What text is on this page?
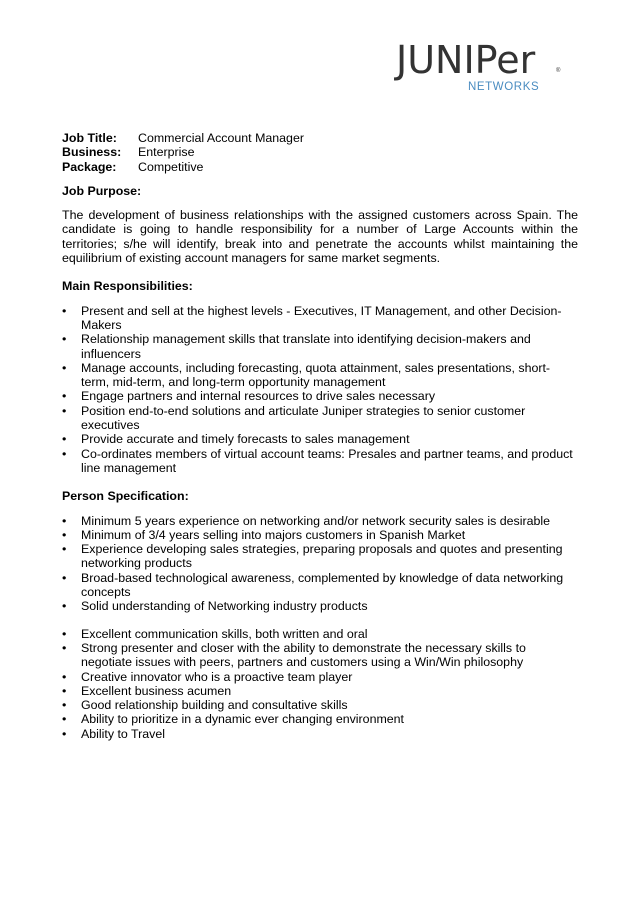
JUNIPer	®
NETWORKS
Job Title:	Commercial Account Manager
Business:	Enterprise
Package:	Competitive
Job Purpose:

The development of business relationships with the assigned customers across Spain. The candidate is going to handle responsibility for a number of Large Accounts within the territories; s/he will identify, break into and penetrate the accounts whilst maintaining the equilibrium of existing account managers for same market segments.

Main Responsibilities:
• Present and sell at the highest levels - Executives, IT Management, and other Decision-Makers
• Relationship management skills that translate into identifying decision-makers and influencers
• Manage accounts, including forecasting, quota attainment, sales presentations, short-term, mid-term, and long-term opportunity management
• Engage partners and internal resources to drive sales necessary
• Position end-to-end solutions and articulate Juniper strategies to senior customer executives
• Provide accurate and timely forecasts to sales management
• Co-ordinates members of virtual account teams: Presales and partner teams, and product line management
Person Specification:
• Minimum 5 years experience on networking and/or network security sales is desirable
• Minimum of 3/4 years selling into majors customers in Spanish Market
• Experience developing sales strategies, preparing proposals and quotes and presenting networking products
• Broad-based technological awareness, complemented by knowledge of data networking concepts
• Solid understanding of Networking industry products
• Excellent communication skills, both written and oral
• Strong presenter and closer with the ability to demonstrate the necessary skills to negotiate issues with peers, partners and customers using a Win/Win philosophy
• Creative innovator who is a proactive team player
• Excellent business acumen
• Good relationship building and consultative skills
• Ability to prioritize in a dynamic ever changing environment
• Ability to Travel
